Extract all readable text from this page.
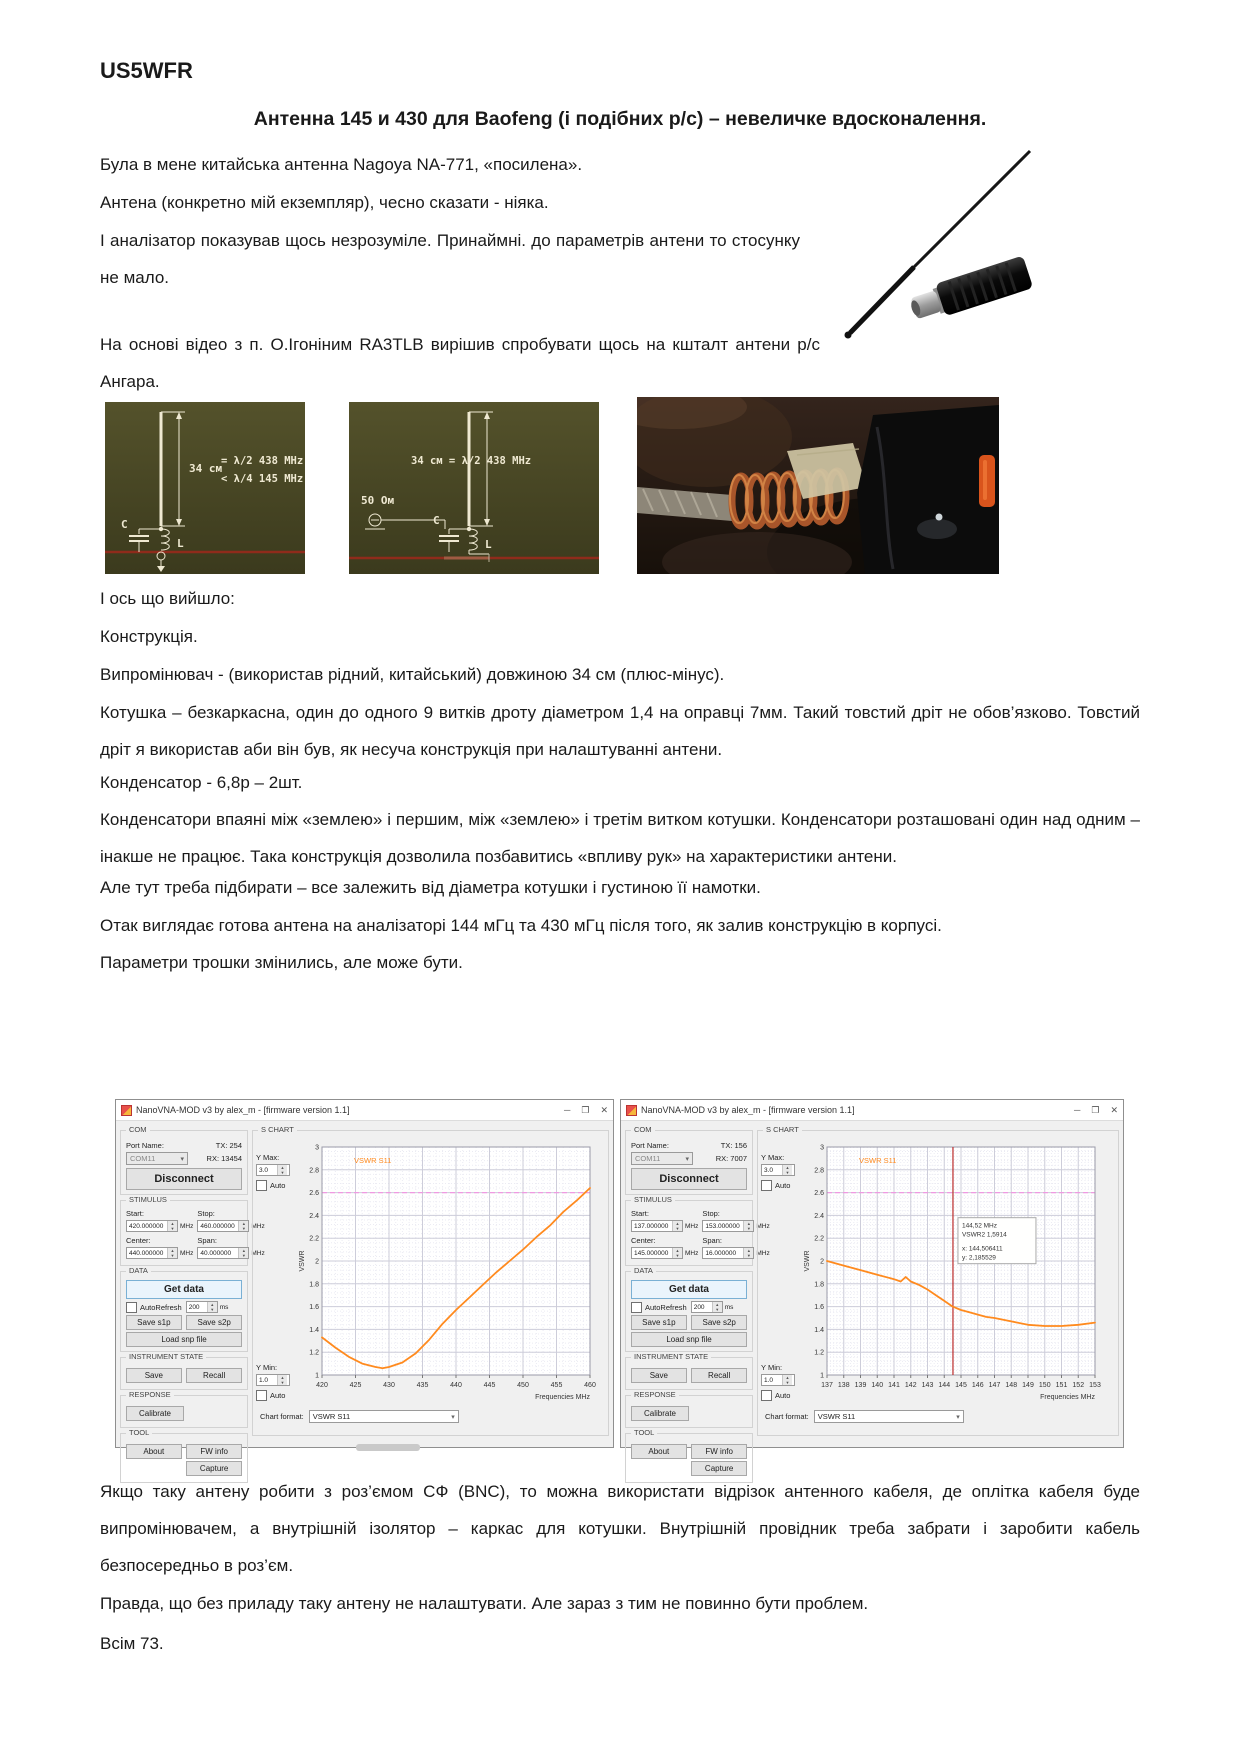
US5WFR
Антенна 145 и 430 для Baofeng (і подібних р/с) – невеличке вдосконалення.

Була в мене китайська антенна Nagoya NA-771, «посилена».

Антена (конкретно мій екземпляр), чесно сказати - ніяка.

І аналізатор показував щось незрозуміле. Принаймні. до параметрів антени то стосунку не мало.

На основі відео з п. О.Ігоніним RA3TLB вирішив спробувати щось на кшталт антени р/с Ангара.

34 см
= λ/2 438 MHz
< λ/4 145 MHz
C
L
34 см = λ/2 438 MHz
50 Ом
C
L

І ось що вийшло:

Конструкція.

Випромінювач - (використав рідний, китайський) довжиною 34 см (плюс-мінус).

Котушка – безкаркасна, один до одного 9 витків дроту діаметром 1,4 на оправці 7мм. Такий товстий дріт не обов’язково. Товстий дріт я використав аби він був, як несуча конструкція при налаштуванні антени.

Конденсатор - 6,8р – 2шт.

Конденсатори впаяні між «землею» і першим, між «землею» і третім витком котушки. Конденсатори розташовані один над одним – інакше не працює. Така конструкція дозволила позбавитись «впливу рук» на характеристики антени.

Але тут треба підбирати – все залежить від діаметра котушки і густиною її намотки.

Отак виглядає готова антена на аналізаторі 144 мГц та 430 мГц після того, як залив конструкцію в корпусі.

Параметри трошки змінились, але може бути.

NanoVNA-MOD v3 by alex_m - [firmware version 1.1]	─ ❐ ✕
COM
Port Name:	TX: 254
COM11	▾	RX: 13454
Disconnect
STIMULUS
Start:
420.000000	▲
▼ MHz
Stop:
460.000000	▲
▼ MHz
Center:
440.000000	▲
▼ MHz
Span:
40.000000	▲
▼ MHz
DATA
Get data
AutoRefresh	200	▲
▼ ms
Save s1p	Save s2p
Load snp file
INSTRUMENT STATE
Save	Recall
RESPONSE
Calibrate
TOOL
About	FW info
Capture
S CHART
Y Max:
3.0	▲
▼
Auto
Y Min:
1.0	▲
▼
Auto
1
1.2
1.4
1.6
1.8
2
2.2
2.4
2.6
2.8
3
420	425	430	435	440	445	450	455	460
Frequencies MHz
VSWR
VSWR S11
Chart format: VSWR S11	▾
NanoVNA-MOD v3 by alex_m - [firmware version 1.1]	─ ❐ ✕
COM
Port Name:	TX: 156
COM11	▾	RX: 7007
Disconnect
STIMULUS
Start:
137.000000	▲
▼ MHz
Stop:
153.000000	▲
▼ MHz
Center:
145.000000	▲
▼ MHz
Span:
16.000000	▲
▼ MHz
DATA
Get data
AutoRefresh	200	▲
▼ ms
Save s1p	Save s2p
Load snp file
INSTRUMENT STATE
Save	Recall
RESPONSE
Calibrate
TOOL
About	FW info
Capture
S CHART
Y Max:
3.0	▲
▼
Auto
Y Min:
1.0	▲
▼
Auto
1
1.2
1.4
1.6
1.8
2
2.2
2.4
2.6
2.8
3
137 138 139 140 141 142 143 144 145 146 147 148 149 150 151 152 153
Frequencies MHz
VSWR
VSWR S11
144,52 MHz
VSWR2 1,5914
x: 144,506411
y: 2,185529
Chart format: VSWR S11	▾

Якщо таку антену робити з роз’ємом СФ (BNC), то можна використати відрізок антенного кабеля, де оплітка кабеля буде випромінювачем, а внутрішній ізолятор – каркас для котушки. Внутрішній провідник треба забрати і заробити кабель безпосередньо в роз’єм.

Правда, що без приладу таку антену не налаштувати. Але зараз з тим не повинно бути проблем.

Всім 73.
